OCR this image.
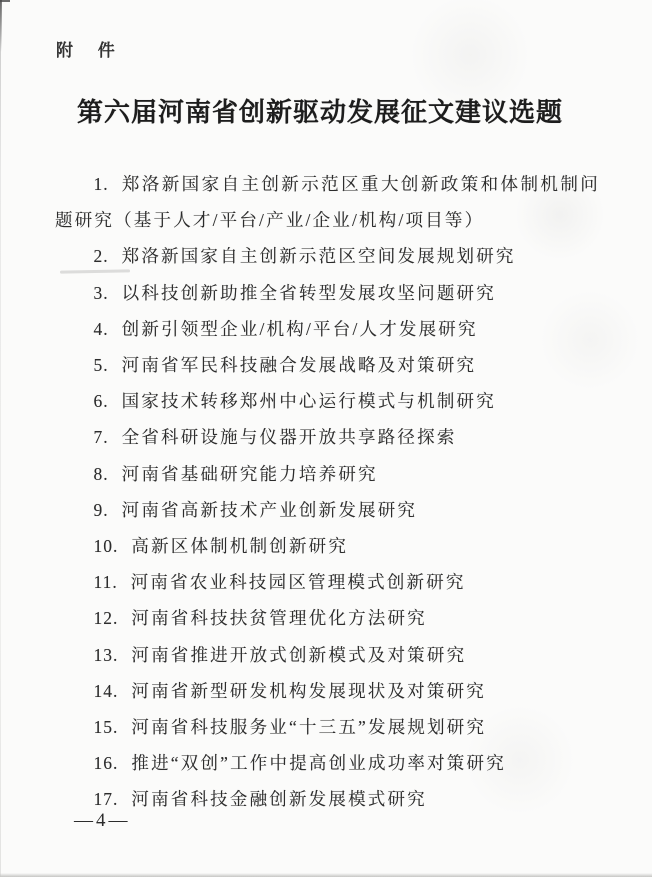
附 件
第六届河南省创新驱动发展征文建议选题

1. 郑洛新国家自主创新示范区重大创新政策和体制机制问题研究（基于人才/平台/产业/企业/机构/项目等）

2. 郑洛新国家自主创新示范区空间发展规划研究

3. 以科技创新助推全省转型发展攻坚问题研究

4. 创新引领型企业/机构/平台/人才发展研究

5. 河南省军民科技融合发展战略及对策研究

6. 国家技术转移郑州中心运行模式与机制研究

7. 全省科研设施与仪器开放共享路径探索

8. 河南省基础研究能力培养研究

9. 河南省高新技术产业创新发展研究

10. 高新区体制机制创新研究

11. 河南省农业科技园区管理模式创新研究

12. 河南省科技扶贫管理优化方法研究

13. 河南省推进开放式创新模式及对策研究

14. 河南省新型研发机构发展现状及对策研究

15. 河南省科技服务业“十三五”发展规划研究

16. 推进“双创”工作中提高创业成功率对策研究

17. 河南省科技金融创新发展模式研究

—4—
